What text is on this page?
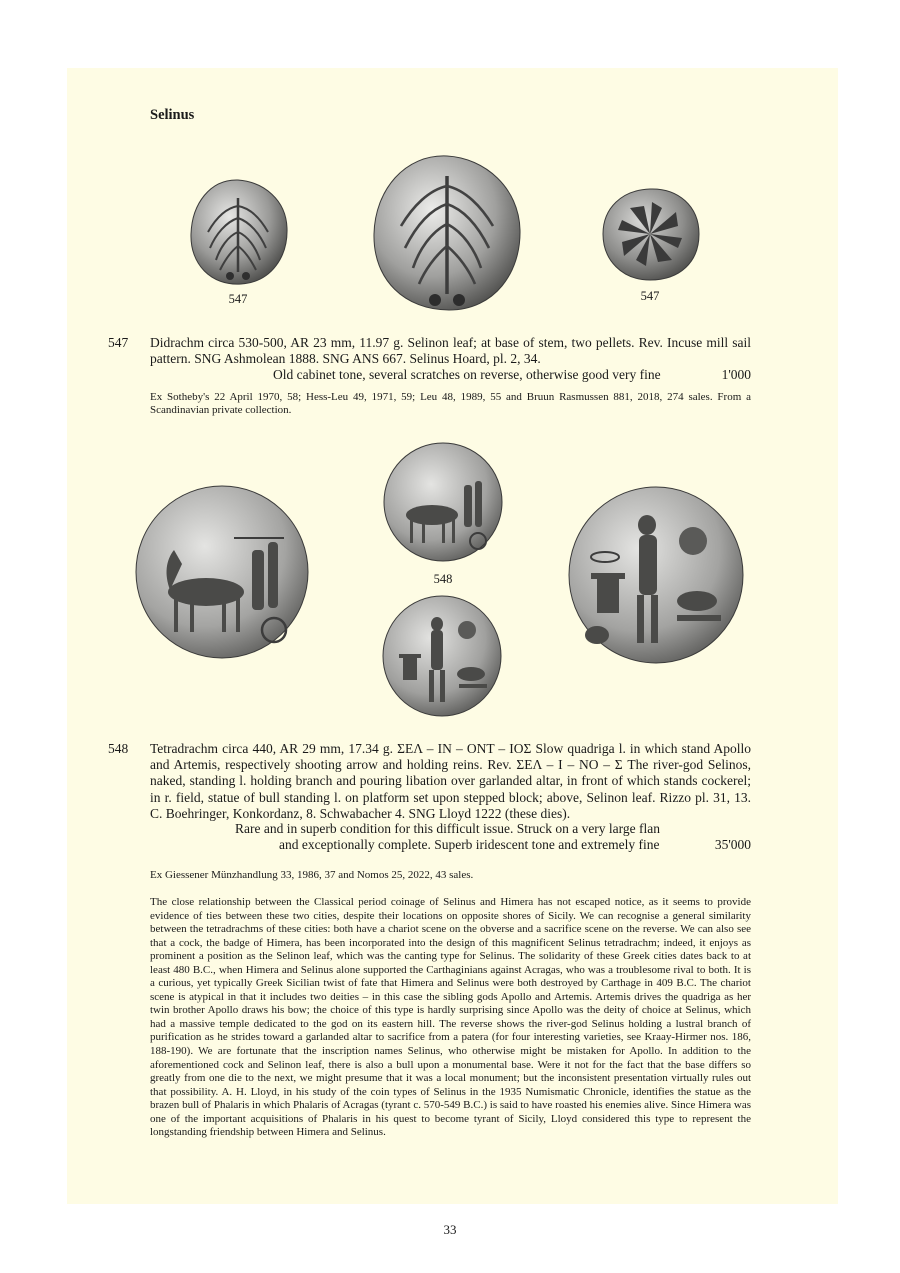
Selinus
547	547
547 Didrachm circa 530-500, AR 23 mm, 11.97 g. Selinon leaf; at base of stem, two pellets. Rev. Incuse mill sail pattern. SNG Ashmolean 1888. SNG ANS 667. Selinus Hoard, pl. 2, 34.

Old cabinet tone, several scratches on reverse, otherwise good very fine	1'000
Ex Sotheby's 22 April 1970, 58; Hess-Leu 49, 1971, 59; Leu 48, 1989, 55 and Bruun Rasmussen 881, 2018, 274 sales. From a Scandinavian private collection.
548
548 Tetradrachm circa 440, AR 29 mm, 17.34 g. ΣΕΛ – ΙΝ – ΟΝΤ – ΙΟΣ Slow quadriga l. in which stand Apollo and Artemis, respectively shooting arrow and holding reins. Rev. ΣΕΛ – Ι – ΝΟ – Σ The river-god Selinos, naked, standing l. holding branch and pouring libation over garlanded altar, in front of which stands cockerel; in r. field, statue of bull standing l. on platform set upon stepped block; above, Selinon leaf. Rizzo pl. 31, 13. C. Boehringer, Konkordanz, 8. Schwabacher 4. SNG Lloyd 1222 (these dies).

Rare and in superb condition for this difficult issue. Struck on a very large flan
and exceptionally complete. Superb iridescent tone and extremely fine	35'000
Ex Giessener Münzhandlung 33, 1986, 37 and Nomos 25, 2022, 43 sales.
The close relationship between the Classical period coinage of Selinus and Himera has not escaped notice, as it seems to provide evidence of ties between these two cities, despite their locations on opposite shores of Sicily. We can recognise a general similarity between the tetradrachms of these cities: both have a chariot scene on the obverse and a sacrifice scene on the reverse. We can also see that a cock, the badge of Himera, has been incorporated into the design of this magnificent Selinus tetradrachm; indeed, it enjoys as prominent a position as the Selinon leaf, which was the canting type for Selinus. The solidarity of these Greek cities dates back to at least 480 B.C., when Himera and Selinus alone supported the Carthaginians against Acragas, who was a troublesome rival to both. It is a curious, yet typically Greek Sicilian twist of fate that Himera and Selinus were both destroyed by Carthage in 409 B.C. The chariot scene is atypical in that it includes two deities – in this case the sibling gods Apollo and Artemis. Artemis drives the quadriga as her twin brother Apollo draws his bow; the choice of this type is hardly surprising since Apollo was the deity of choice at Selinus, which had a massive temple dedicated to the god on its eastern hill. The reverse shows the river-god Selinus holding a lustral branch of purification as he strides toward a garlanded altar to sacrifice from a patera (for four interesting varieties, see Kraay-Hirmer nos. 186, 188-190). We are fortunate that the inscription names Selinus, who otherwise might be mistaken for Apollo. In addition to the aforementioned cock and Selinon leaf, there is also a bull upon a monumental base. Were it not for the fact that the base differs so greatly from one die to the next, we might presume that it was a local monument; but the inconsistent presentation virtually rules out that possibility. A. H. Lloyd, in his study of the coin types of Selinus in the 1935 Numismatic Chronicle, identifies the statue as the brazen bull of Phalaris in which Phalaris of Acragas (tyrant c. 570-549 B.C.) is said to have roasted his enemies alive. Since Himera was one of the important acquisitions of Phalaris in his quest to become tyrant of Sicily, Lloyd considered this type to represent the longstanding friendship between Himera and Selinus.
33
